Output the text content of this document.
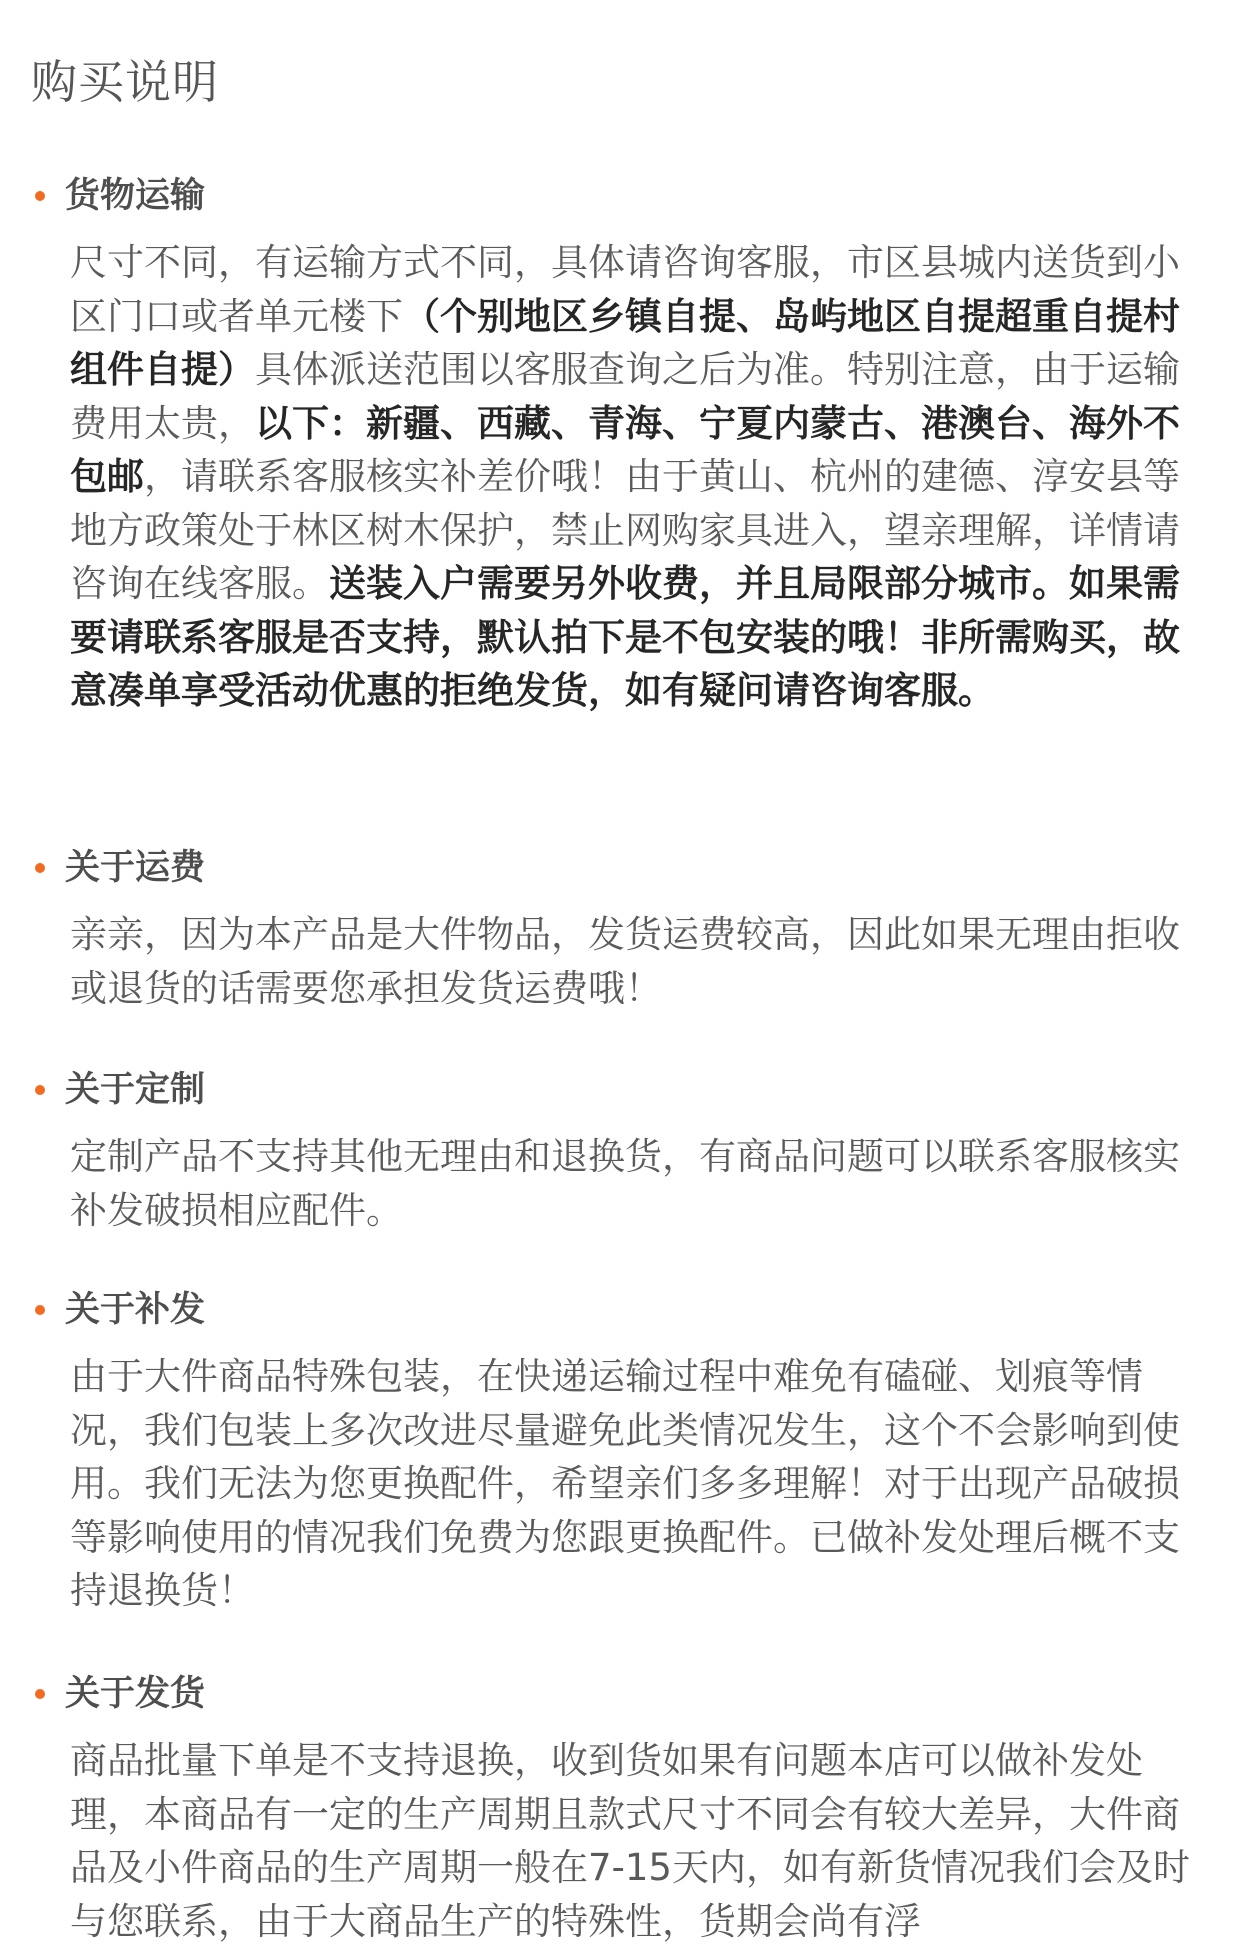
购买说明
货物运输

尺寸不同，有运输方式不同，具体请咨询客服，市区县城内送货到小区门口或者单元楼下（个别地区乡镇自提、岛屿地区自提超重自提村组件自提）具体派送范围以客服查询之后为准。特别注意，由于运输费用太贵，以下：新疆、西藏、青海、宁夏内蒙古、港澳台、海外不包邮，请联系客服核实补差价哦！由于黄山、杭州的建德、淳安县等地方政策处于林区树木保护，禁止网购家具进入，望亲理解，详情请咨询在线客服。送装入户需要另外收费，并且局限部分城市。如果需要请联系客服是否支持，默认拍下是不包安装的哦！非所需购买，故意凑单享受活动优惠的拒绝发货，如有疑问请咨询客服。

关于运费

亲亲，因为本产品是大件物品，发货运费较高，因此如果无理由拒收或退货的话需要您承担发货运费哦！

关于定制

定制产品不支持其他无理由和退换货，有商品问题可以联系客服核实补发破损相应配件。

关于补发

由于大件商品特殊包装，在快递运输过程中难免有磕碰、划痕等情况，我们包装上多次改进尽量避免此类情况发生，这个不会影响到使用。我们无法为您更换配件，希望亲们多多理解！对于出现产品破损等影响使用的情况我们免费为您跟更换配件。已做补发处理后概不支持退换货！

关于发货

商品批量下单是不支持退换，收到货如果有问题本店可以做补发处理，本商品有一定的生产周期且款式尺寸不同会有较大差异，大件商品及小件商品的生产周期一般在7-15天内，如有新货情况我们会及时与您联系，由于大商品生产的特殊性，货期会尚有浮
